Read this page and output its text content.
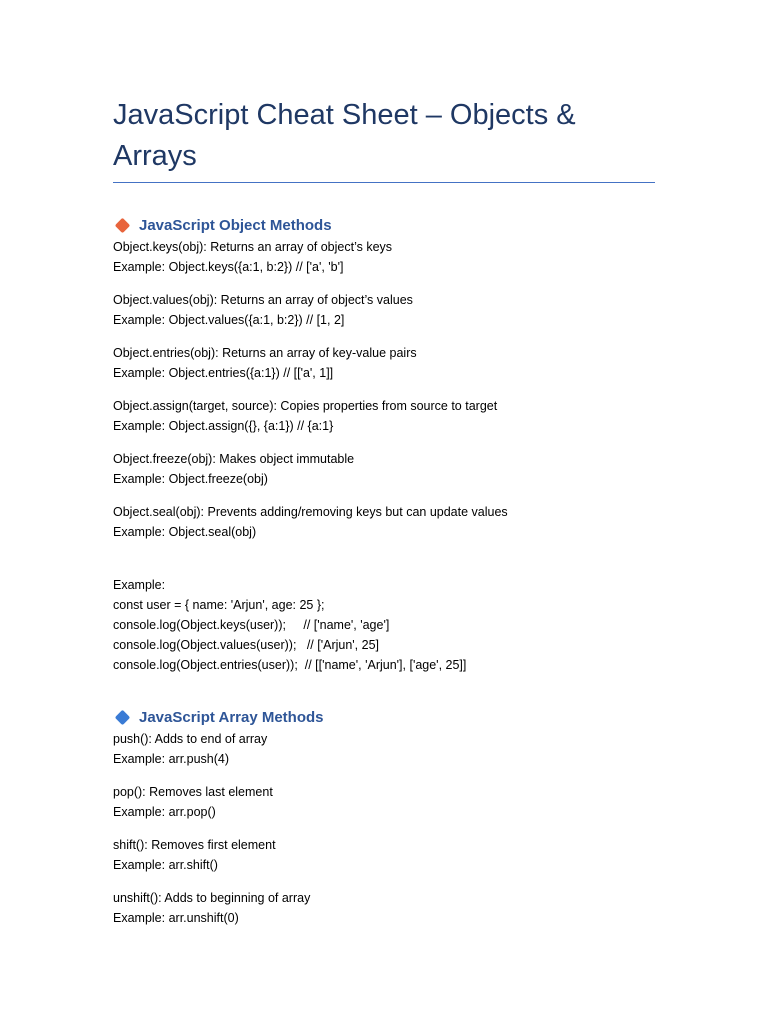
JavaScript Cheat Sheet – Objects & Arrays
JavaScript Object Methods

Object.keys(obj): Returns an array of object’s keys

Example: Object.keys({a:1, b:2}) // ['a', 'b']

Object.values(obj): Returns an array of object’s values

Example: Object.values({a:1, b:2}) // [1, 2]

Object.entries(obj): Returns an array of key-value pairs

Example: Object.entries({a:1}) // [['a', 1]]

Object.assign(target, source): Copies properties from source to target

Example: Object.assign({}, {a:1}) // {a:1}

Object.freeze(obj): Makes object immutable

Example: Object.freeze(obj)

Object.seal(obj): Prevents adding/removing keys but can update values

Example: Object.seal(obj)

Example:

const user = { name: 'Arjun', age: 25 };

console.log(Object.keys(user));     // ['name', 'age']

console.log(Object.values(user));   // ['Arjun', 25]

console.log(Object.entries(user));  // [['name', 'Arjun'], ['age', 25]]

JavaScript Array Methods

push(): Adds to end of array

Example: arr.push(4)

pop(): Removes last element

Example: arr.pop()

shift(): Removes first element

Example: arr.shift()

unshift(): Adds to beginning of array

Example: arr.unshift(0)
